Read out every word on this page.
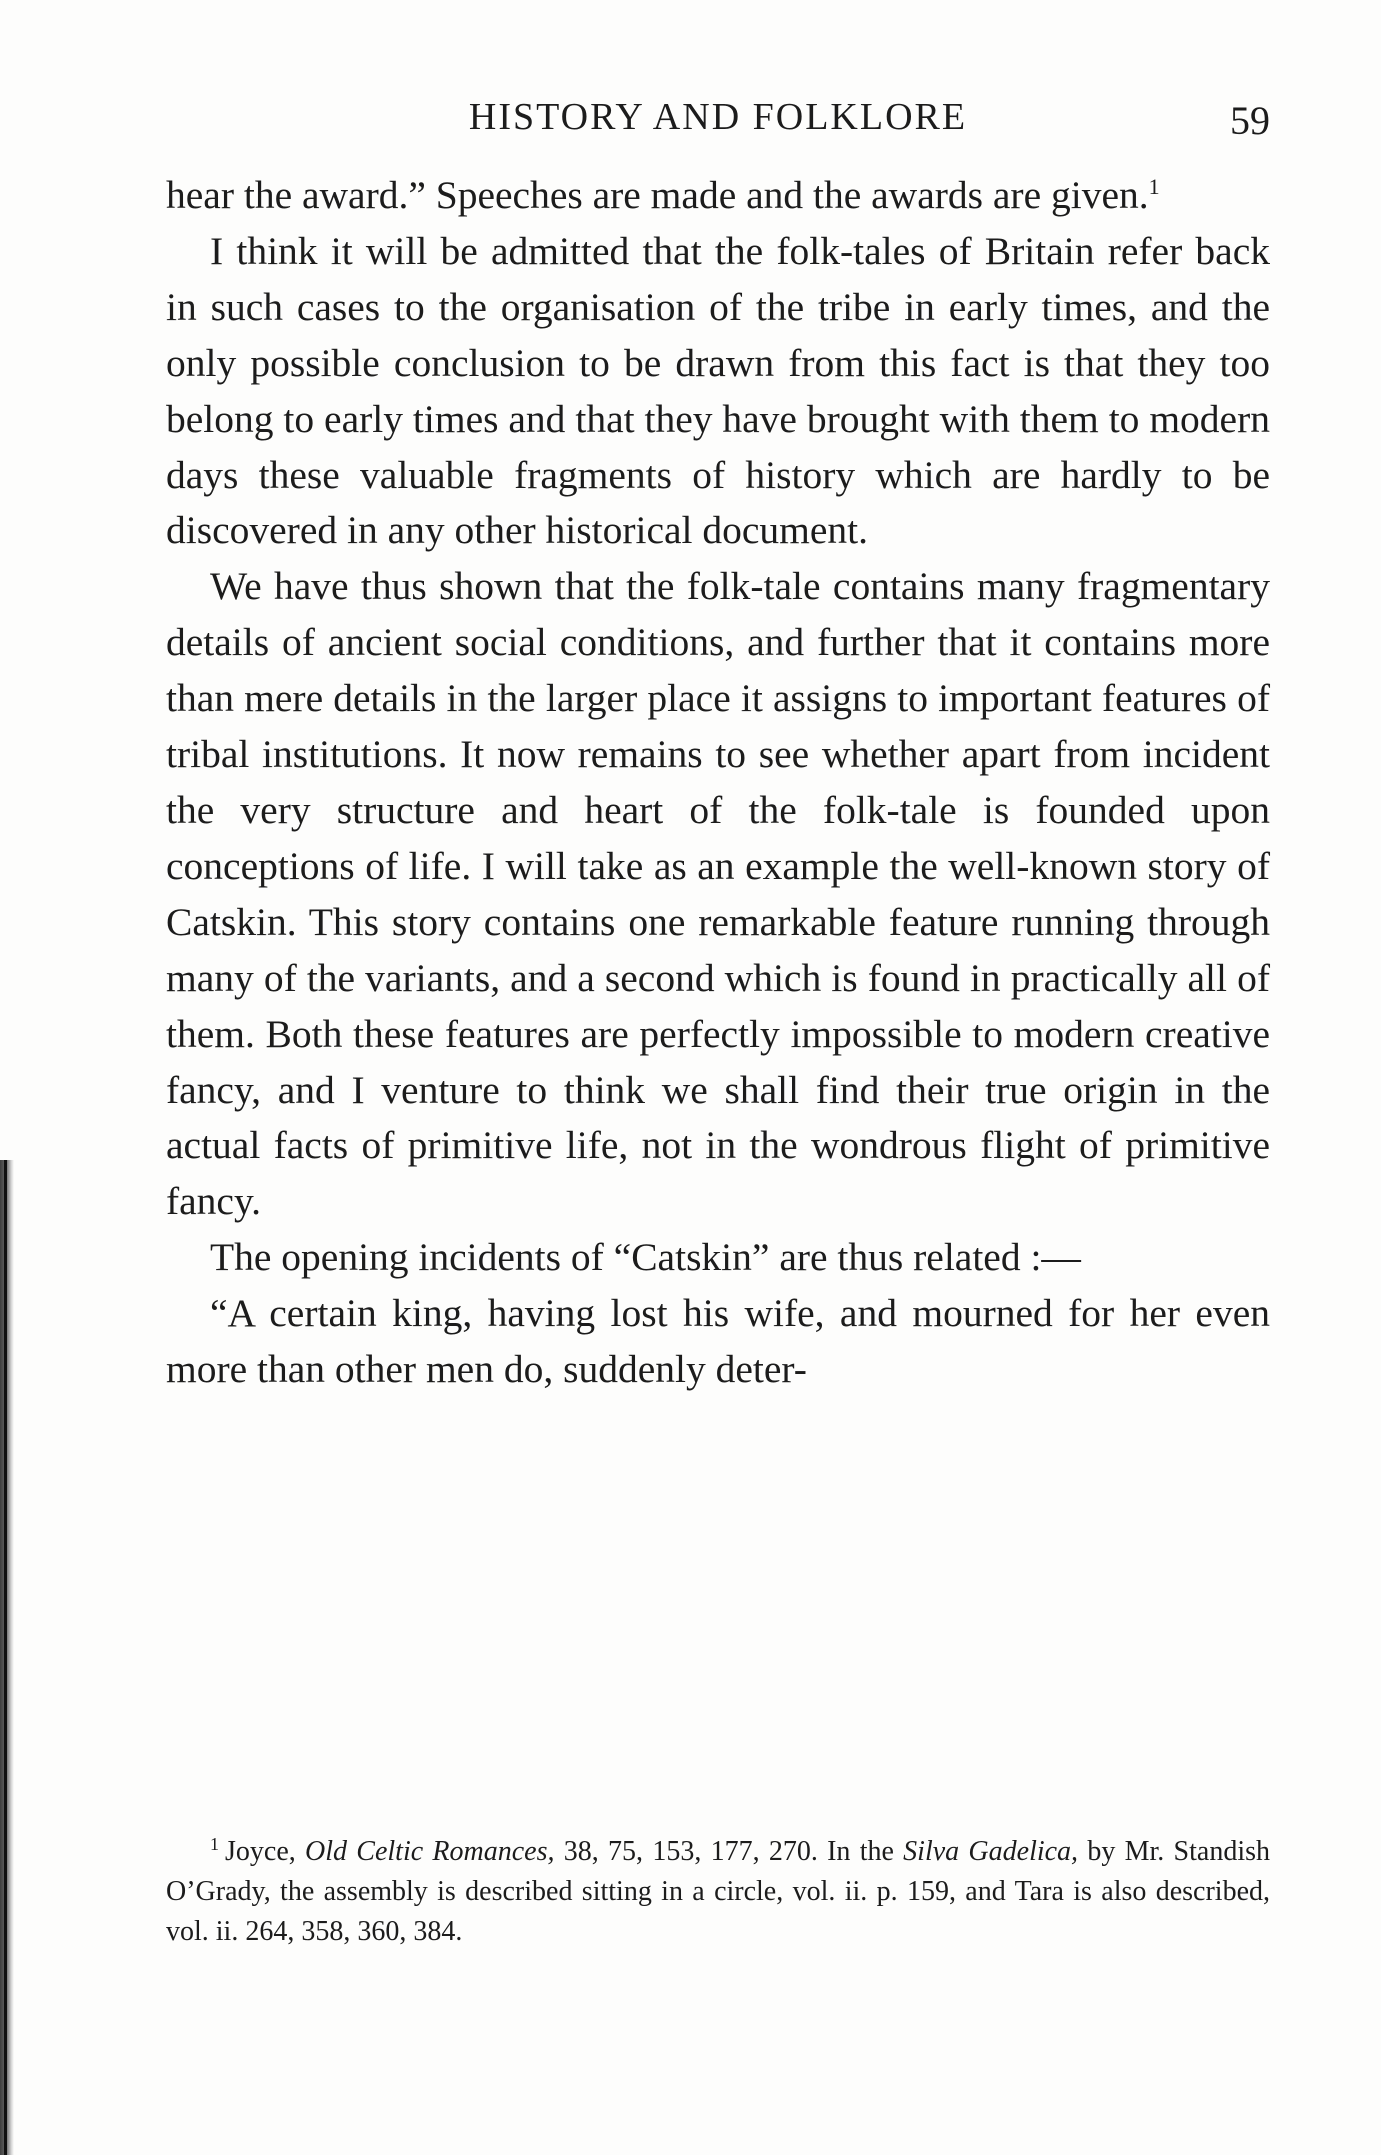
HISTORY AND FOLKLORE	59

hear the award.” Speeches are made and the awards are given.$^1$

I think it will be admitted that the folk-tales of Britain refer back in such cases to the organisation of the tribe in early times, and the only possible conclusion to be drawn from this fact is that they too belong to early times and that they have brought with them to modern days these valuable fragments of history which are hardly to be discovered in any other historical document.

We have thus shown that the folk-tale contains many fragmentary details of ancient social conditions, and further that it contains more than mere details in the larger place it assigns to important features of tribal institutions. It now remains to see whether apart from incident the very structure and heart of the folk-tale is founded upon conceptions of life. I will take as an example the well-known story of Catskin. This story contains one remarkable feature running through many of the variants, and a second which is found in practically all of them. Both these features are perfectly impossible to modern creative fancy, and I venture to think we shall find their true origin in the actual facts of primitive life, not in the wondrous flight of primitive fancy.

The opening incidents of “Catskin” are thus related :—

“A certain king, having lost his wife, and mourned for her even more than other men do, suddenly deter-

$^1$ Joyce, Old Celtic Romances, 38, 75, 153, 177, 270. In the Silva Gadelica, by Mr. Standish O’Grady, the assembly is described sitting in a circle, vol. ii. p. 159, and Tara is also described, vol. ii. 264, 358, 360, 384.
